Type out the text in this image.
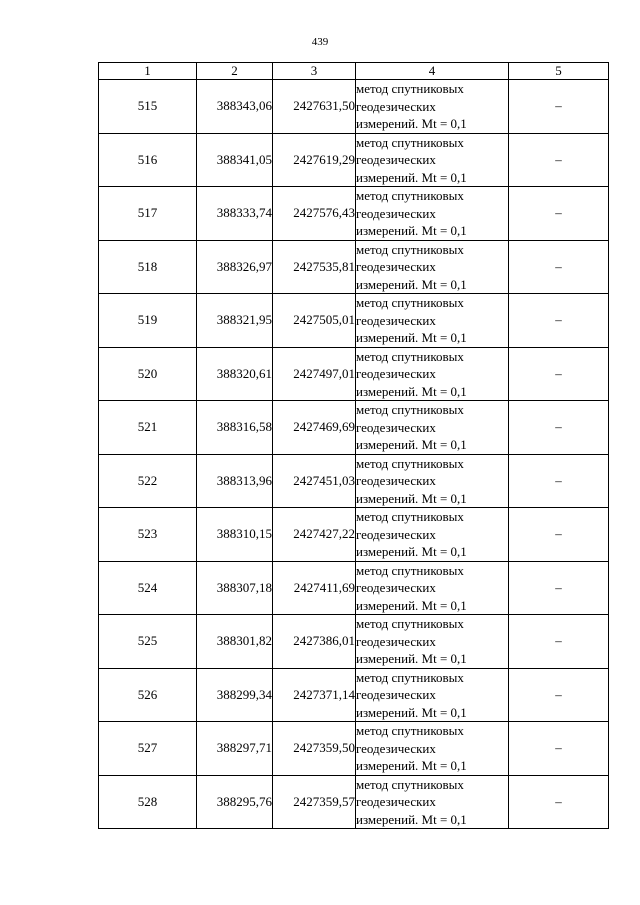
439
1	2	3	4	5
515	388343,06	2427631,50	метод спутниковых
геодезических
измерений. Mt = 0,1	–
516	388341,05	2427619,29	метод спутниковых
геодезических
измерений. Mt = 0,1	–
517	388333,74	2427576,43	метод спутниковых
геодезических
измерений. Mt = 0,1	–
518	388326,97	2427535,81	метод спутниковых
геодезических
измерений. Mt = 0,1	–
519	388321,95	2427505,01	метод спутниковых
геодезических
измерений. Mt = 0,1	–
520	388320,61	2427497,01	метод спутниковых
геодезических
измерений. Mt = 0,1	–
521	388316,58	2427469,69	метод спутниковых
геодезических
измерений. Mt = 0,1	–
522	388313,96	2427451,03	метод спутниковых
геодезических
измерений. Mt = 0,1	–
523	388310,15	2427427,22	метод спутниковых
геодезических
измерений. Mt = 0,1	–
524	388307,18	2427411,69	метод спутниковых
геодезических
измерений. Mt = 0,1	–
525	388301,82	2427386,01	метод спутниковых
геодезических
измерений. Mt = 0,1	–
526	388299,34	2427371,14	метод спутниковых
геодезических
измерений. Mt = 0,1	–
527	388297,71	2427359,50	метод спутниковых
геодезических
измерений. Mt = 0,1	–
528	388295,76	2427359,57	метод спутниковых
геодезических
измерений. Mt = 0,1	–
